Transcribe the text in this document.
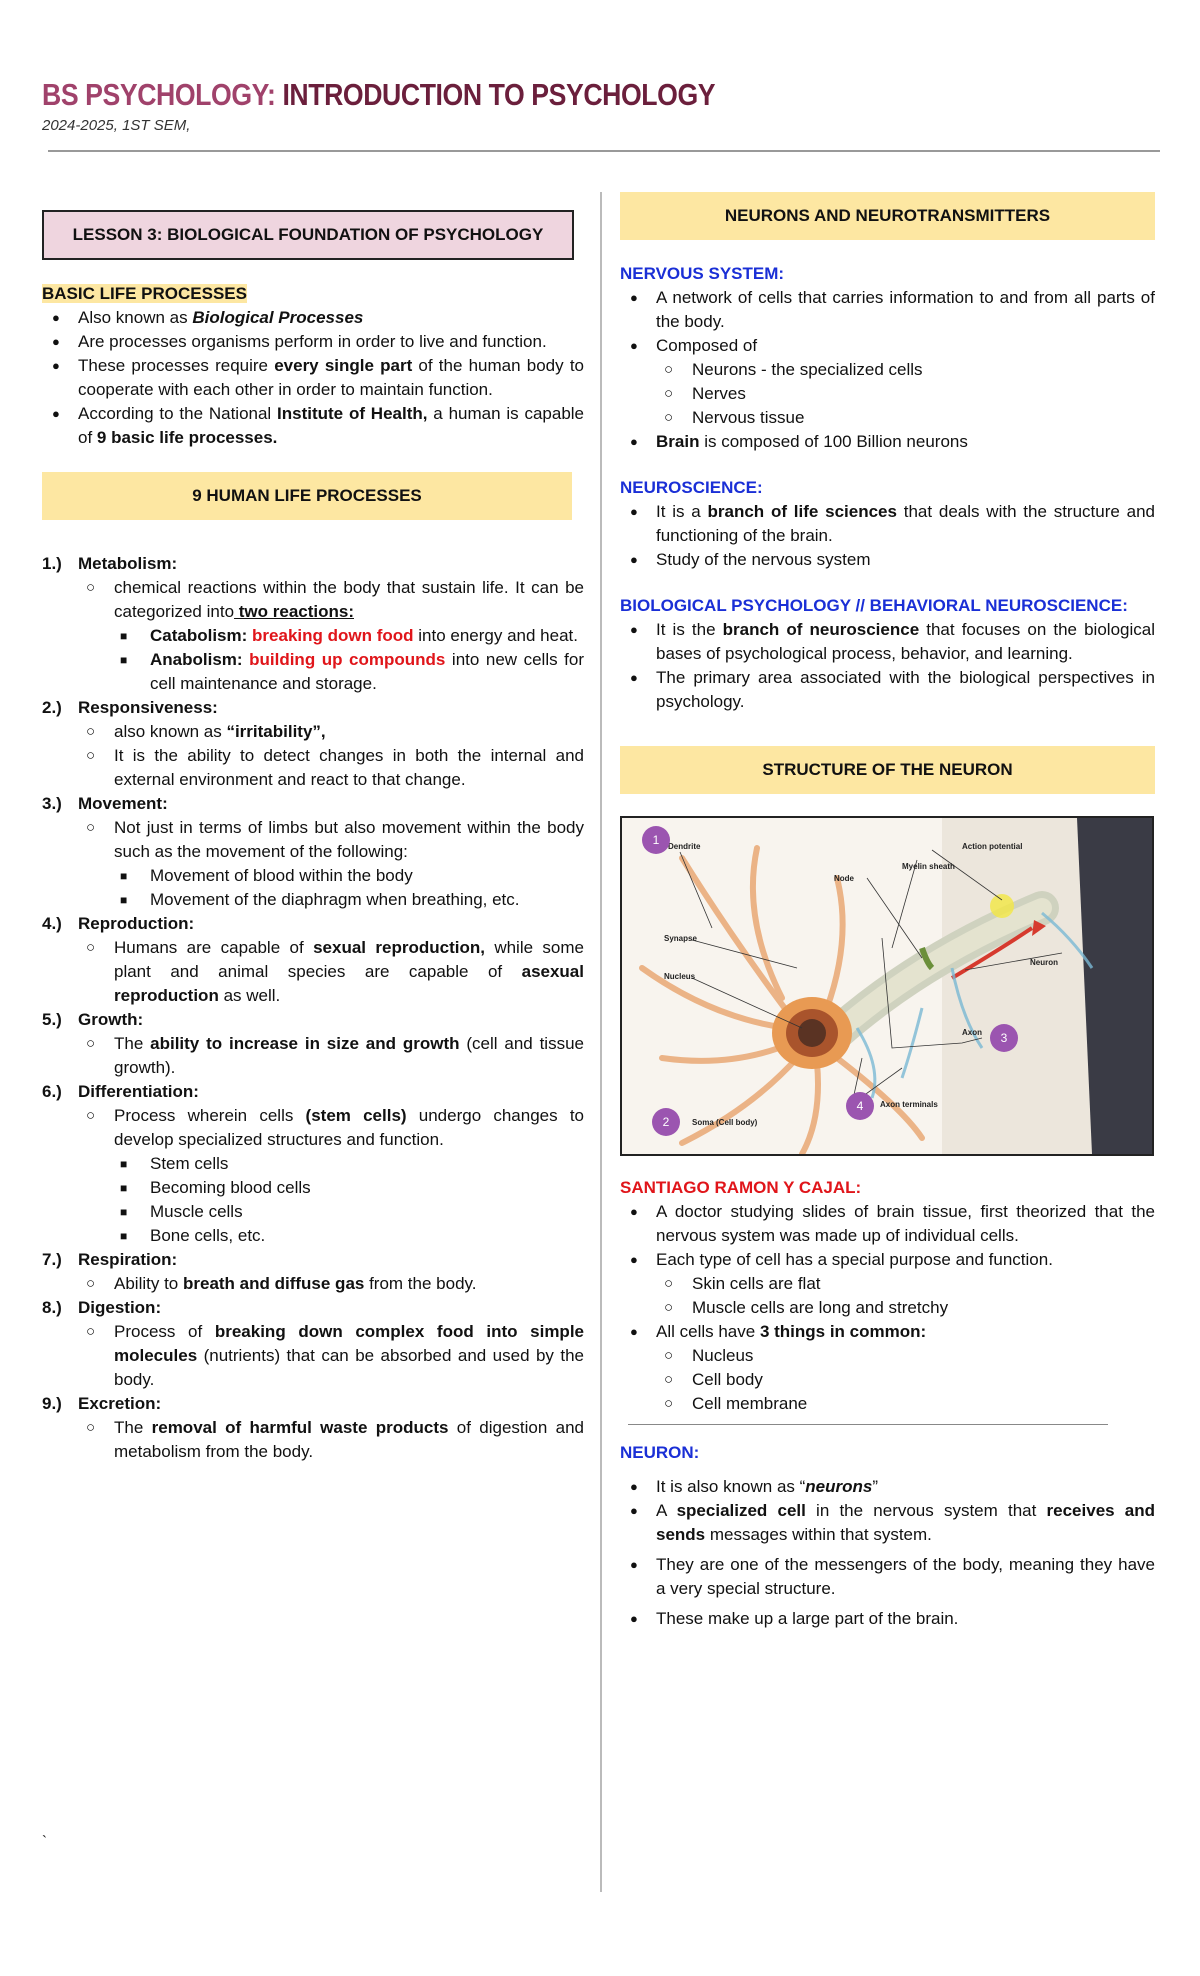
BS PSYCHOLOGY: INTRODUCTION TO PSYCHOLOGY
2024-2025, 1ST SEM,
LESSON 3: BIOLOGICAL FOUNDATION OF PSYCHOLOGY

BASIC LIFE PROCESSES

● Also known as Biological Processes
● Are processes organisms perform in order to live and function.
● These processes require every single part of the human body to cooperate with each other in order to maintain function.
● According to the National Institute of Health, a human is capable of 9 basic life processes.
9 HUMAN LIFE PROCESSES
1.) Metabolism:
○ chemical reactions within the body that sustain life. It can be categorized into two reactions:
■ Catabolism: breaking down food into energy and heat.
■ Anabolism: building up compounds into new cells for cell maintenance and storage.
2.) Responsiveness:
○ also known as “irritability”,
○ It is the ability to detect changes in both the internal and external environment and react to that change.
3.) Movement:
○ Not just in terms of limbs but also movement within the body such as the movement of the following:
■ Movement of blood within the body
■ Movement of the diaphragm when breathing, etc.
4.) Reproduction:
○ Humans are capable of sexual reproduction, while some plant and animal species are capable of asexual reproduction as well.
5.) Growth:
○ The ability to increase in size and growth (cell and tissue growth).
6.) Differentiation:
○ Process wherein cells (stem cells) undergo changes to develop specialized structures and function.
■ Stem cells
■ Becoming blood cells
■ Muscle cells
■ Bone cells, etc.
7.) Respiration:
○ Ability to breath and diffuse gas from the body.
8.) Digestion:
○ Process of breaking down complex food into simple molecules (nutrients) that can be absorbed and used by the body.
9.) Excretion:
○ The removal of harmful waste products of digestion and metabolism from the body.
`
NEURONS AND NEUROTRANSMITTERS

NERVOUS SYSTEM:

● A network of cells that carries information to and from all parts of the body.
● Composed of
○ Neurons - the specialized cells
○ Nerves
○ Nervous tissue
● Brain is composed of 100 Billion neurons

NEUROSCIENCE:

● It is a branch of life sciences that deals with the structure and functioning of the brain.
● Study of the nervous system

BIOLOGICAL PSYCHOLOGY // BEHAVIORAL NEUROSCIENCE:

● It is the branch of neuroscience that focuses on the biological bases of psychological process, behavior, and learning.
● The primary area associated with the biological perspectives in psychology.
STRUCTURE OF THE NEURON
Dendrite	Action potential
Myelin sheath
Node
Synapse
Nucleus
Neuron
Axon
Axon terminals
Soma (Cell body)
1
2
3
4

SANTIAGO RAMON Y CAJAL:

● A doctor studying slides of brain tissue, first theorized that the nervous system was made up of individual cells.
● Each type of cell has a special purpose and function.
○ Skin cells are flat
○ Muscle cells are long and stretchy
● All cells have 3 things in common:
○ Nucleus
○ Cell body
○ Cell membrane

NEURON:

● It is also known as “neurons”
● A specialized cell in the nervous system that receives and sends messages within that system.
● They are one of the messengers of the body, meaning they have a very special structure.
● These make up a large part of the brain.
